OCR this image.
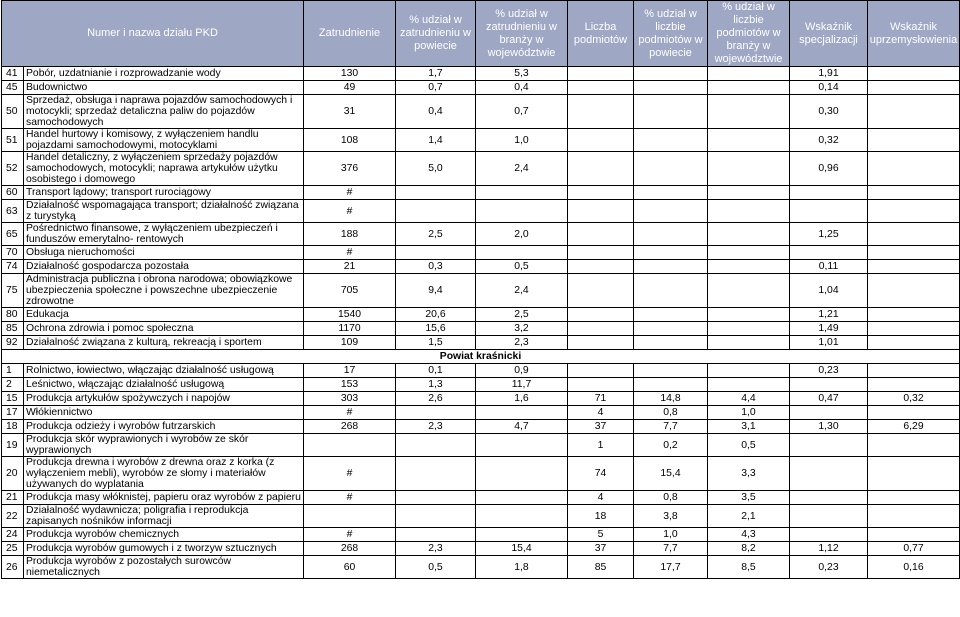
Numer i nazwa działu PKD		Zatrudnienie	% udział w zatrudnieniu w powiecie	% udział w zatrudnieniu w branży w województwie	Liczba podmiotów	% udział w liczbie podmiotów w powiecie	% udział w liczbie podmiotów w branży w województwie	Wskaźnik specjalizacji	Wskaźnik uprzemysłowienia
41	Pobór, uzdatnianie i rozprowadzanie wody	130	1,7	5,3				1,91	
45	Budownictwo	49	0,7	0,4				0,14	
50	Sprzedaż, obsługa i naprawa pojazdów samochodowych i motocykli; sprzedaż detaliczna paliw do pojazdów samochodowych	31	0,4	0,7				0,30	
51	Handel hurtowy i komisowy, z wyłączeniem handlu pojazdami samochodowymi, motocyklami	108	1,4	1,0				0,32	
52	Handel detaliczny, z wyłączeniem sprzedaży pojazdów samochodowych, motocykli; naprawa artykułów użytku osobistego i domowego	376	5,0	2,4				0,96	
60	Transport lądowy; transport rurociągowy	#							
63	Działalność wspomagająca transport; działalność związana z turystyką	#							
65	Pośrednictwo finansowe, z wyłączeniem ubezpieczeń i funduszów emerytalno- rentowych	188	2,5	2,0				1,25	
70	Obsługa nieruchomości	#							
74	Działalność gospodarcza pozostała	21	0,3	0,5				0,11	
75	Administracja publiczna i obrona narodowa; obowiązkowe ubezpieczenia społeczne i powszechne ubezpieczenie zdrowotne	705	9,4	2,4				1,04	
80	Edukacja	1540	20,6	2,5				1,21	
85	Ochrona zdrowia i pomoc społeczna	1170	15,6	3,2				1,49	
92	Działalność związana z kulturą, rekreacją i sportem	109	1,5	2,3				1,01	
Powiat kraśnicki									
1	Rolnictwo, łowiectwo, włączając działalność usługową	17	0,1	0,9				0,23	
2	Leśnictwo, włączając działalność usługową	153	1,3	11,7					
15	Produkcja artykułów spożywczych i napojów	303	2,6	1,6	71	14,8	4,4	0,47	0,32
17	Włókiennictwo	#			4	0,8	1,0		
18	Produkcja odzieży i wyrobów futrzarskich	268	2,3	4,7	37	7,7	3,1	1,30	6,29
19	Produkcja skór wyprawionych i wyrobów ze skór wyprawionych				1	0,2	0,5		
20	Produkcja drewna i wyrobów z drewna oraz z korka (z wyłączeniem mebli), wyrobów ze słomy i materiałów używanych do wyplatania	#			74	15,4	3,3		
21	Produkcja masy włóknistej, papieru oraz wyrobów z papieru	#			4	0,8	3,5		
22	Działalność wydawnicza; poligrafia i reprodukcja zapisanych nośników informacji				18	3,8	2,1		
24	Produkcja wyrobów chemicznych	#			5	1,0	4,3		
25	Produkcja wyrobów gumowych i z tworzyw sztucznych	268	2,3	15,4	37	7,7	8,2	1,12	0,77
26	Produkcja wyrobów z pozostałych surowców niemetalicznych	60	0,5	1,8	85	17,7	8,5	0,23	0,16
